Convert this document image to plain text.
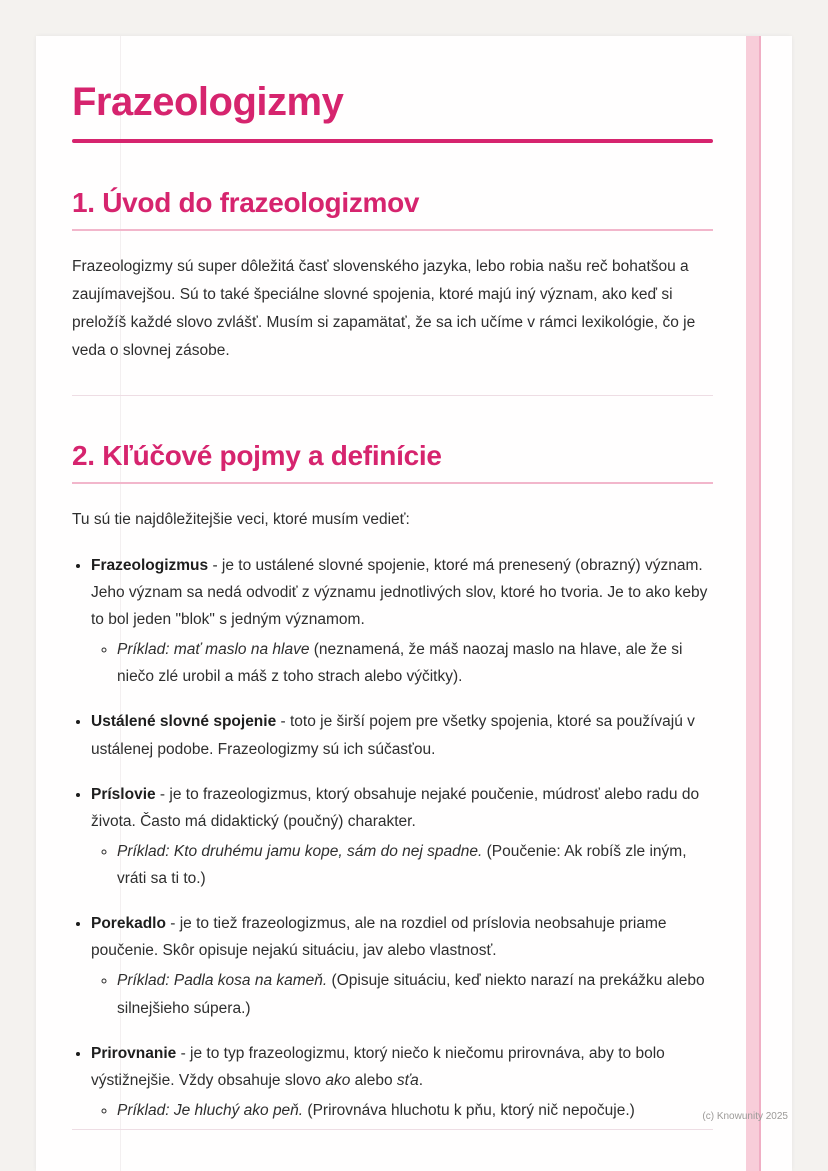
Frazeologizmy
1. Úvod do frazeologizmov

Frazeologizmy sú super dôležitá časť slovenského jazyka, lebo robia našu reč bohatšou a zaujímavejšou. Sú to také špeciálne slovné spojenia, ktoré majú iný význam, ako keď si preložíš každé slovo zvlášť. Musím si zapamätať, že sa ich učíme v rámci lexikológie, čo je veda o slovnej zásobe.

2. Kľúčové pojmy a definície

Tu sú tie najdôležitejšie veci, ktoré musím vedieť:

• Frazeologizmus - je to ustálené slovné spojenie, ktoré má prenesený (obrazný) význam. Jeho význam sa nedá odvodiť z významu jednotlivých slov, ktoré ho tvoria. Je to ako keby to bol jeden "blok" s jedným významom.
◦ Príklad: mať maslo na hlave (neznamená, že máš naozaj maslo na hlave, ale že si niečo zlé urobil a máš z toho strach alebo výčitky).
• Ustálené slovné spojenie - toto je širší pojem pre všetky spojenia, ktoré sa používajú v ustálenej podobe. Frazeologizmy sú ich súčasťou.
• Príslovie - je to frazeologizmus, ktorý obsahuje nejaké poučenie, múdrosť alebo radu do života. Často má didaktický (poučný) charakter.
◦ Príklad: Kto druhému jamu kope, sám do nej spadne. (Poučenie: Ak robíš zle iným, vráti sa ti to.)
• Porekadlo - je to tiež frazeologizmus, ale na rozdiel od príslovia neobsahuje priame poučenie. Skôr opisuje nejakú situáciu, jav alebo vlastnosť.
◦ Príklad: Padla kosa na kameň. (Opisuje situáciu, keď niekto narazí na prekážku alebo silnejšieho súpera.)
• Prirovnanie - je to typ frazeologizmu, ktorý niečo k niečomu prirovnáva, aby to bolo výstižnejšie. Vždy obsahuje slovo ako alebo sťa.
◦ Príklad: Je hluchý ako peň. (Prirovnáva hluchotu k pňu, ktorý nič nepočuje.)	(c) Knowunity 2025
